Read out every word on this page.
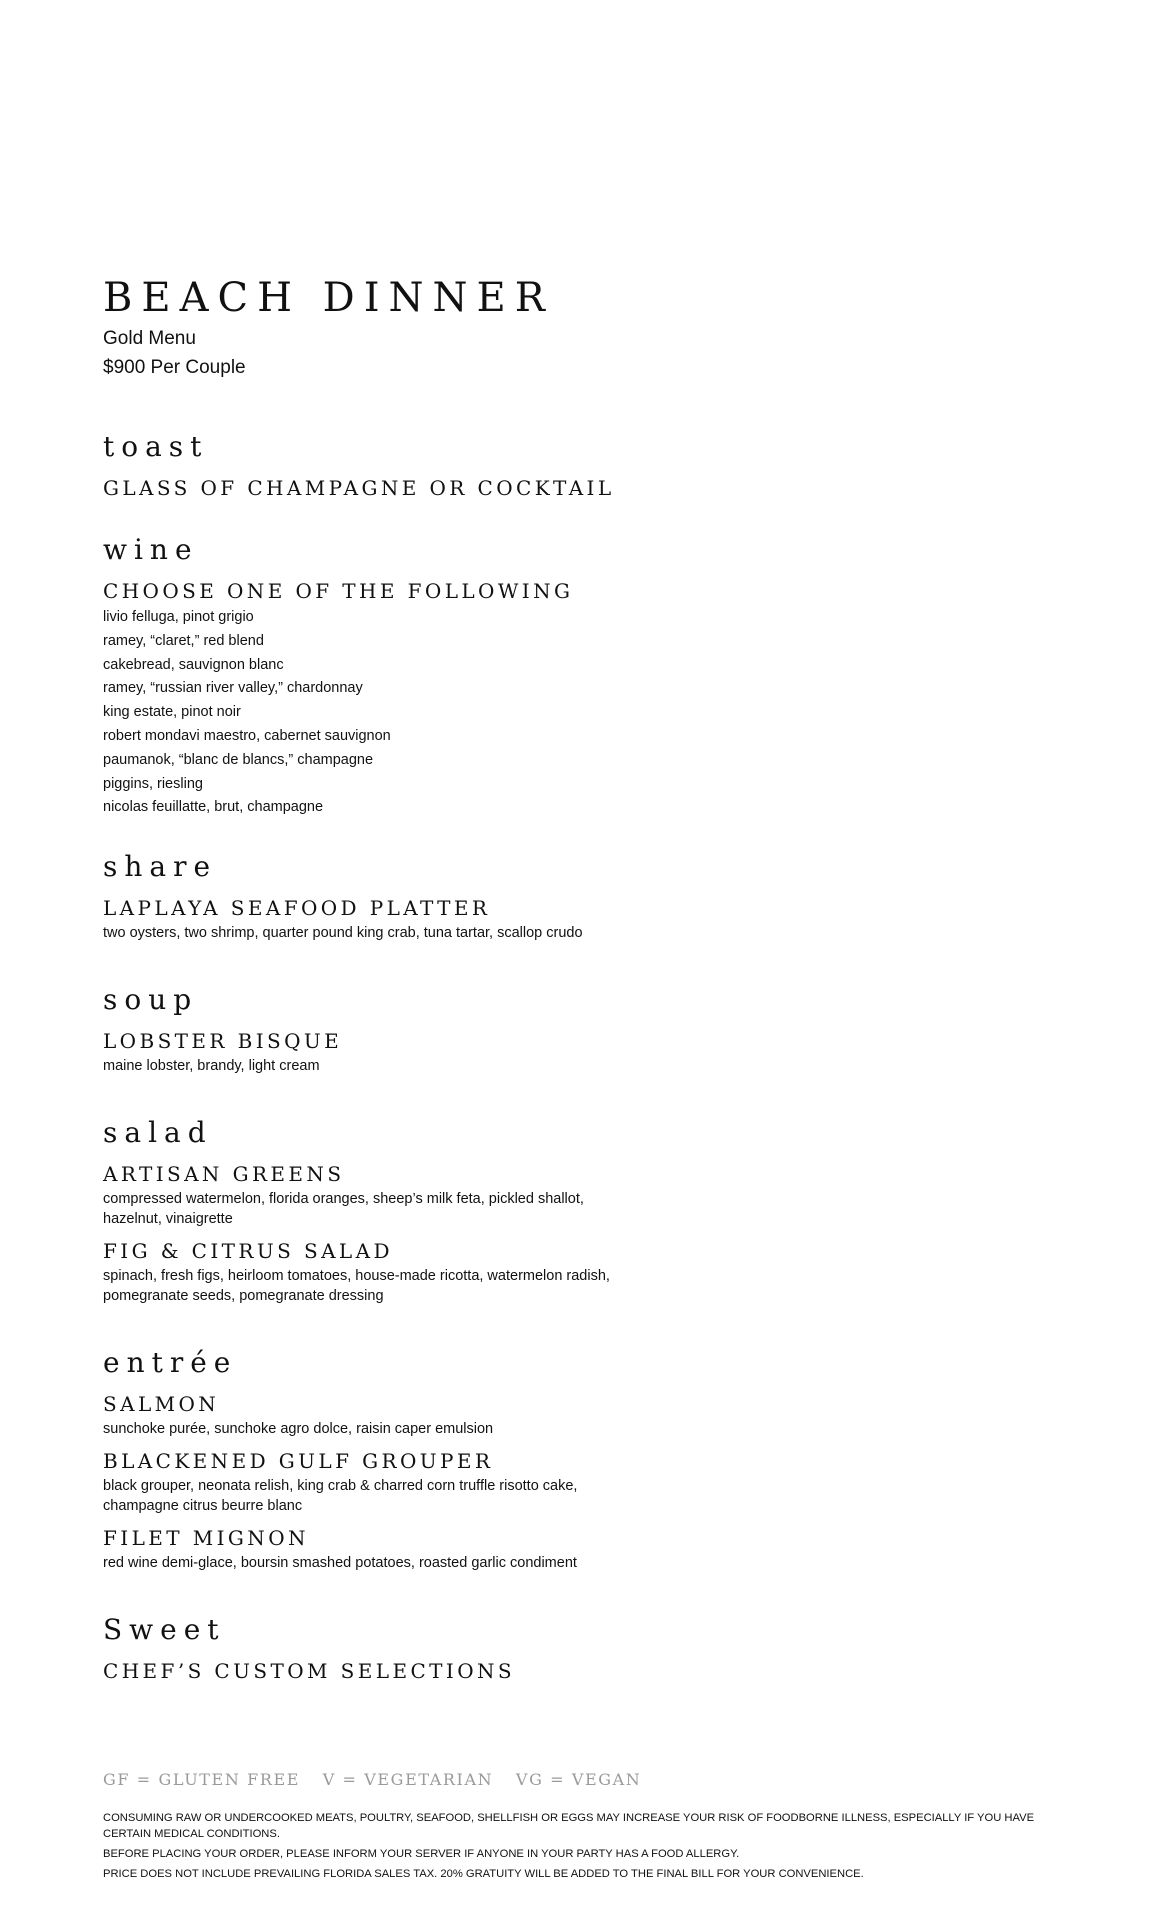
BEACH DINNER
Gold Menu
$900 Per Couple
toast
GLASS OF CHAMPAGNE OR COCKTAIL
wine
CHOOSE ONE OF THE FOLLOWING
livio felluga, pinot grigio
ramey, “claret,” red blend
cakebread, sauvignon blanc
ramey, “russian river valley,” chardonnay
king estate, pinot noir
robert mondavi maestro, cabernet sauvignon
paumanok, “blanc de blancs,” champagne
piggins, riesling
nicolas feuillatte, brut, champagne
share
LAPLAYA SEAFOOD PLATTER
two oysters, two shrimp, quarter pound king crab, tuna tartar, scallop crudo
soup
LOBSTER BISQUE
maine lobster, brandy, light cream
salad
ARTISAN GREENS
compressed watermelon, florida oranges, sheep’s milk feta, pickled shallot,
hazelnut, vinaigrette
FIG & CITRUS SALAD
spinach, fresh figs, heirloom tomatoes, house-made ricotta, watermelon radish,
pomegranate seeds, pomegranate dressing
entrée
SALMON
sunchoke purée, sunchoke agro dolce, raisin caper emulsion
BLACKENED GULF GROUPER
black grouper, neonata relish, king crab & charred corn truffle risotto cake,
champagne citrus beurre blanc
FILET MIGNON
red wine demi-glace, boursin smashed potatoes, roasted garlic condiment
Sweet
CHEF’S CUSTOM SELECTIONS
GF = GLUTEN FREE V = VEGETARIAN VG = VEGAN

CONSUMING RAW OR UNDERCOOKED MEATS, POULTRY, SEAFOOD, SHELLFISH OR EGGS MAY INCREASE YOUR RISK OF FOODBORNE ILLNESS, ESPECIALLY IF YOU HAVE CERTAIN MEDICAL CONDITIONS.

BEFORE PLACING YOUR ORDER, PLEASE INFORM YOUR SERVER IF ANYONE IN YOUR PARTY HAS A FOOD ALLERGY.

PRICE DOES NOT INCLUDE PREVAILING FLORIDA SALES TAX. 20% GRATUITY WILL BE ADDED TO THE FINAL BILL FOR YOUR CONVENIENCE.
